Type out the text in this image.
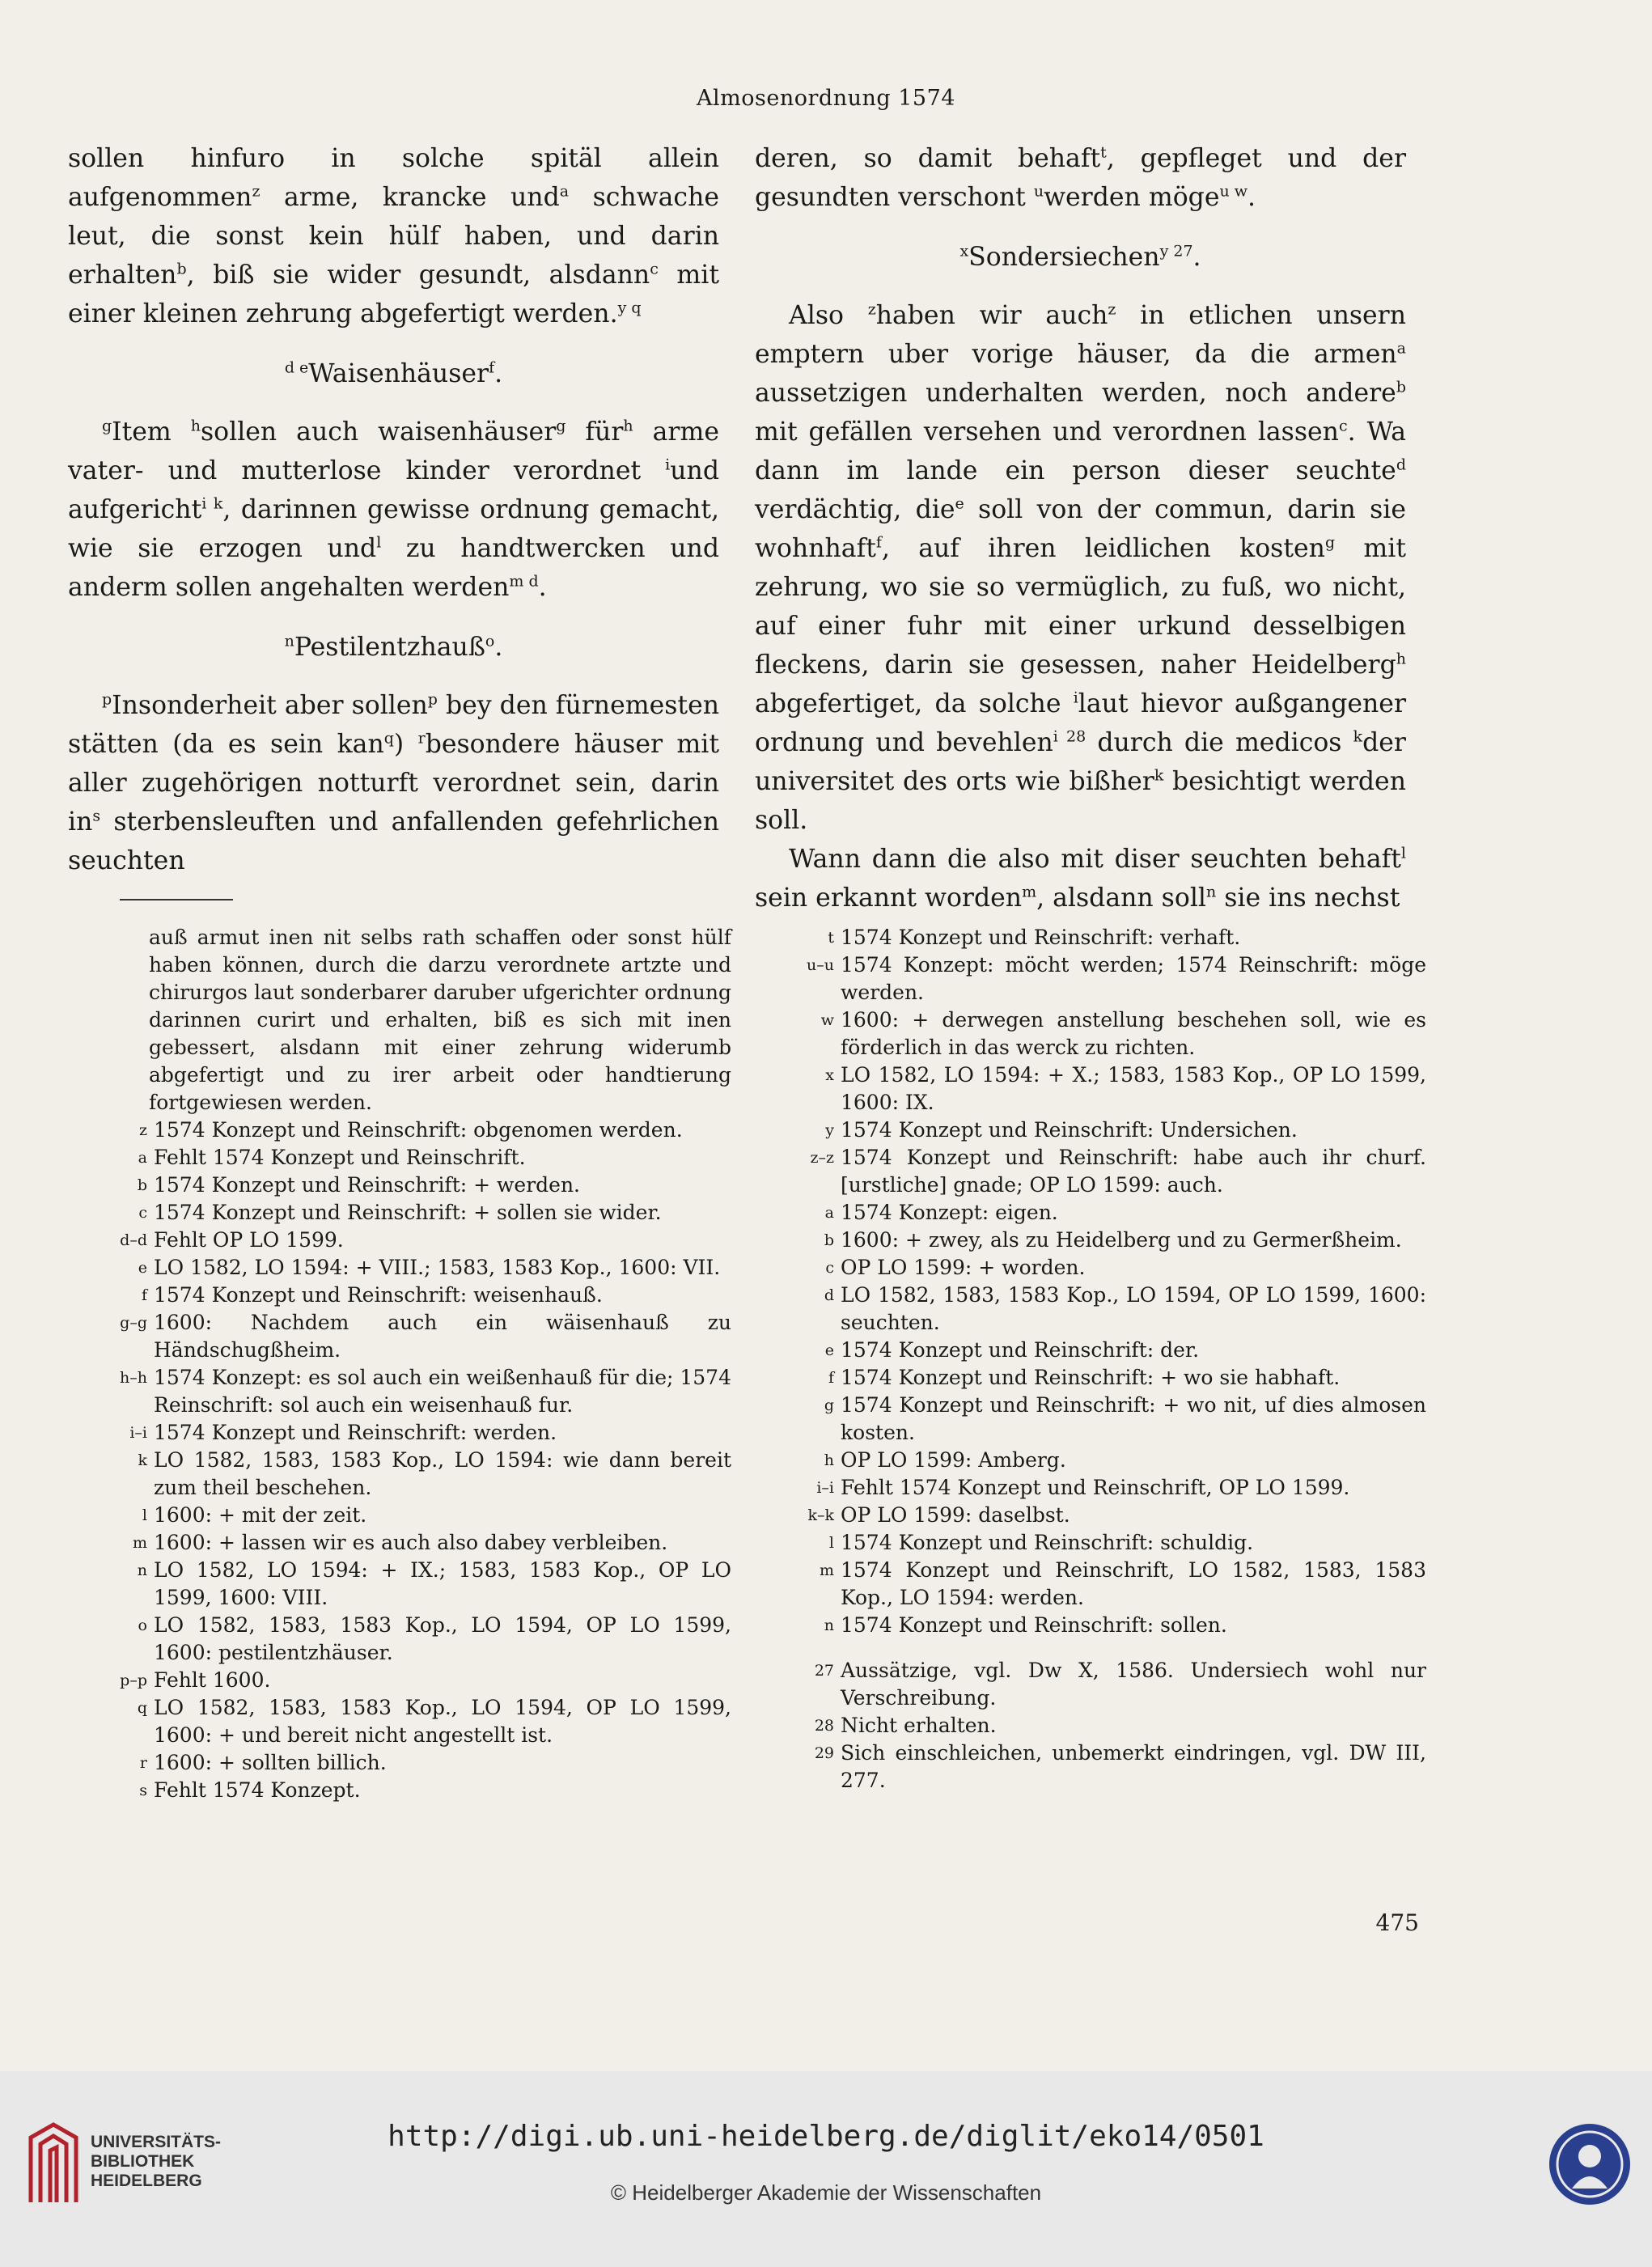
Almosenordnung 1574

sollen hinfuro in solche spitäl allein aufgenommen$^z$ arme, krancke und$^a$ schwache leut, die sonst kein hülf haben, und darin erhalten$^b$, biß sie wider gesundt, alsdann$^c$ mit einer kleinen zehrung abgefertigt werden.$^{y q}$

$^{d e}$Waisenhäuser$^f$.

$^g$Item $^h$sollen auch waisenhäuser$^g$ für$^h$ arme vater- und mutterlose kinder verordnet $^i$und aufgericht$^{i k}$, darinnen gewisse ordnung gemacht, wie sie erzogen und$^l$ zu handtwercken und anderm sollen angehalten werden$^{m d}$.

$^n$Pestilentzhauß$^o$.

$^p$Insonderheit aber sollen$^p$ bey den fürnemesten stätten (da es sein kan$^q$) $^r$besondere häuser mit aller zugehörigen notturft verordnet sein, darin $in^s$ sterbensleuften und anfallenden gefehrlichen seuchten

deren, so damit behaft$^t$, gepfleget und der gesundten verschont $^u$werden möge$^{u w}$.

$^x$Sondersiechen$^{y 27}$.

Also $^z$haben wir auch$^z$ in etlichen unsern emptern uber vorige häuser, da die armen$^a$ aussetzigen underhalten werden, noch andere$^b$ mit gefällen versehen und verordnen lassen$^c$. Wa dann im lande ein person dieser seuchte$^d$ verdächtig, die$^e$ soll von der commun, darin sie wohnhaft$^f$, auf ihren leidlichen kosten$^g$ mit zehrung, wo sie so vermüglich, zu fuß, wo nicht, auf einer fuhr mit einer urkund desselbigen fleckens, darin sie gesessen, naher Heidelberg$^h$ abgefertiget, da solche $^i$laut hievor außgangener ordnung und bevehlen$^{i 28}$ durch die medicos $^k$der universitet des orts wie bißher$^k$ besichtigt werden soll.

Wann dann die also mit diser seuchten behaft$^l$ sein erkannt worden$^m$, alsdann soll$^n$ sie ins nechst

auß armut inen nit selbs rath schaffen oder sonst hülf haben können, durch die darzu verordnete artzte und chirurgos laut sonderbarer daruber ufgerichter ordnung darinnen curirt und erhalten, biß es sich mit inen gebessert, alsdann mit einer zehrung widerumb abgefertigt und zu irer arbeit oder handtierung fortgewiesen werden.

z 1574 Konzept und Reinschrift: obgenomen werden.
a Fehlt 1574 Konzept und Reinschrift.
b 1574 Konzept und Reinschrift: + werden.
c 1574 Konzept und Reinschrift: + sollen sie wider.
d–d Fehlt OP LO 1599.
e LO 1582, LO 1594: + VIII.; 1583, 1583 Kop., 1600: VII.
f 1574 Konzept und Reinschrift: weisenhauß.
g–g 1600: Nachdem auch ein wäisenhauß zu Händschugßheim.
h–h 1574 Konzept: es sol auch ein weißenhauß für die; 1574 Reinschrift: sol auch ein weisenhauß fur.
i–i 1574 Konzept und Reinschrift: werden.
k LO 1582, 1583, 1583 Kop., LO 1594: wie dann bereit zum theil beschehen.
l 1600: + mit der zeit.
m 1600: + lassen wir es auch also dabey verbleiben.
n LO 1582, LO 1594: + IX.; 1583, 1583 Kop., OP LO 1599, 1600: VIII.
o LO 1582, 1583, 1583 Kop., LO 1594, OP LO 1599, 1600: pestilentzhäuser.
p–p Fehlt 1600.
q LO 1582, 1583, 1583 Kop., LO 1594, OP LO 1599, 1600: + und bereit nicht angestellt ist.
r 1600: + sollten billich.
s Fehlt 1574 Konzept.
t 1574 Konzept und Reinschrift: verhaft.
u–u 1574 Konzept: möcht werden; 1574 Reinschrift: möge werden.
w 1600: + derwegen anstellung beschehen soll, wie es förderlich in das werck zu richten.
x LO 1582, LO 1594: + X.; 1583, 1583 Kop., OP LO 1599, 1600: IX.
y 1574 Konzept und Reinschrift: Undersichen.
z–z 1574 Konzept und Reinschrift: habe auch ihr churf.[urstliche] gnade; OP LO 1599: auch.
a 1574 Konzept: eigen.
b 1600: + zwey, als zu Heidelberg und zu Germerßheim.
c OP LO 1599: + worden.
d LO 1582, 1583, 1583 Kop., LO 1594, OP LO 1599, 1600: seuchten.
e 1574 Konzept und Reinschrift: der.
f 1574 Konzept und Reinschrift: + wo sie habhaft.
g 1574 Konzept und Reinschrift: + wo nit, uf dies almosen kosten.
h OP LO 1599: Amberg.
i–i Fehlt 1574 Konzept und Reinschrift, OP LO 1599.
k–k OP LO 1599: daselbst.
l 1574 Konzept und Reinschrift: schuldig.
m 1574 Konzept und Reinschrift, LO 1582, 1583, 1583 Kop., LO 1594: werden.
n 1574 Konzept und Reinschrift: sollen.
27 Aussätzige, vgl. Dw X, 1586. Undersiech wohl nur Verschreibung.
28 Nicht erhalten.
29 Sich einschleichen, unbemerkt eindringen, vgl. DW III, 277.
475
UNIVERSITÄTS-
BIBLIOTHEK
HEIDELBERG
http://digi.ub.uni-heidelberg.de/diglit/eko14/0501
© Heidelberger Akademie der Wissenschaften
